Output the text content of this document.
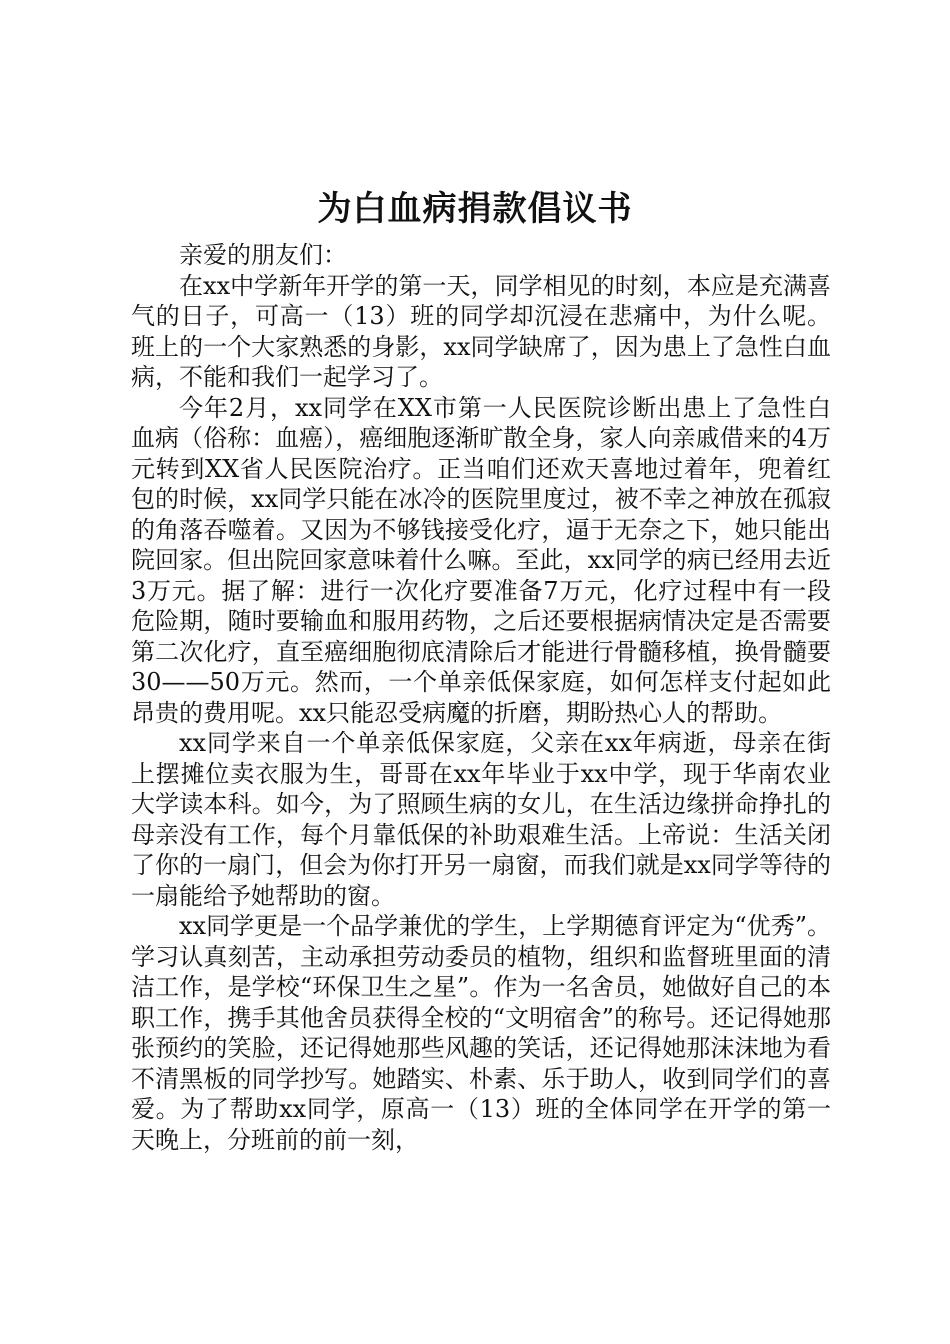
为白血病捐款倡议书

亲爱的朋友们：

在xx中学新年开学的第一天，同学相见的时刻，本应是充满喜气的日子，可高一（13）班的同学却沉浸在悲痛中，为什么呢。班上的一个大家熟悉的身影，xx同学缺席了，因为患上了急性白血病，不能和我们一起学习了。

今年2月，xx同学在XX市第一人民医院诊断出患上了急性白血病（俗称：血癌），癌细胞逐渐旷散全身，家人向亲戚借来的4万元转到XX省人民医院治疗。正当咱们还欢天喜地过着年，兜着红包的时候，xx同学只能在冰冷的医院里度过，被不幸之神放在孤寂的角落吞噬着。又因为不够钱接受化疗，逼于无奈之下，她只能出院回家。但出院回家意味着什么嘛。至此，xx同学的病已经用去近3万元。据了解：进行一次化疗要准备7万元，化疗过程中有一段危险期，随时要输血和服用药物，之后还要根据病情决定是否需要第二次化疗，直至癌细胞彻底清除后才能进行骨髓移植，换骨髓要30——50万元。然而，一个单亲低保家庭，如何怎样支付起如此昂贵的费用呢。xx只能忍受病魔的折磨，期盼热心人的帮助。

xx同学来自一个单亲低保家庭，父亲在xx年病逝，母亲在街上摆摊位卖衣服为生，哥哥在xx年毕业于xx中学，现于华南农业大学读本科。如今，为了照顾生病的女儿，在生活边缘拼命挣扎的母亲没有工作，每个月靠低保的补助艰难生活。上帝说：生活关闭了你的一扇门，但会为你打开另一扇窗，而我们就是xx同学等待的一扇能给予她帮助的窗。

xx同学更是一个品学兼优的学生，上学期德育评定为“优秀”。学习认真刻苦，主动承担劳动委员的植物，组织和监督班里面的清洁工作，是学校“环保卫生之星”。作为一名舍员，她做好自己的本职工作，携手其他舍员获得全校的“文明宿舍”的称号。还记得她那张预约的笑脸，还记得她那些风趣的笑话，还记得她那沫沫地为看不清黑板的同学抄写。她踏实、朴素、乐于助人，收到同学们的喜爱。为了帮助xx同学，原高一（13）班的全体同学在开学的第一天晚上，分班前的前一刻，
